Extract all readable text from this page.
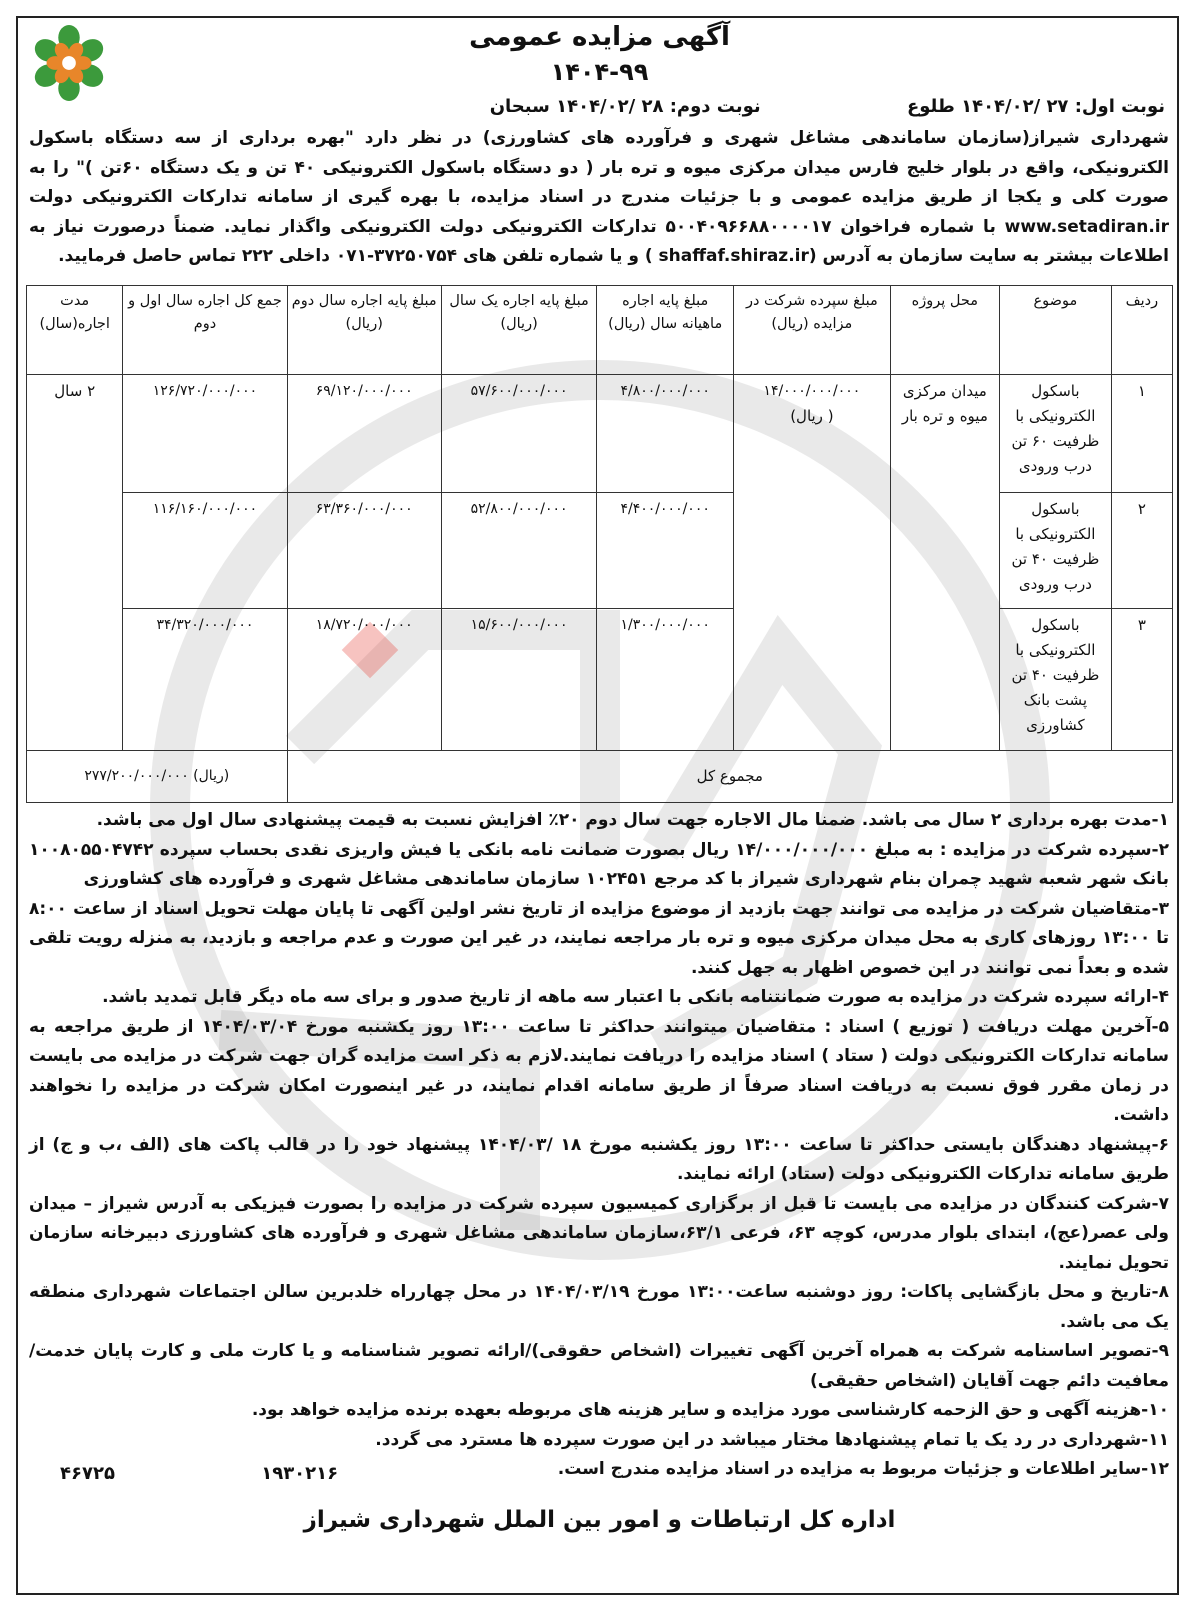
آگهی مزایده عمومی
۱۴۰۴-۹۹
نوبت اول: ۲۷ /۱۴۰۴/۰۲ طلوع نوبت دوم: ۲۸ /۱۴۰۴/۰۲ سبحان

شهرداری شیراز(سازمان ساماندهی مشاغل شهری و فرآورده های کشاورزی) در نظر دارد "بهره برداری از سه دستگاه باسکول الکترونیکی، واقع در بلوار خلیج فارس میدان مرکزی میوه و تره بار ( دو دستگاه باسکول الکترونیکی ۴۰ تن و یک دستگاه ۶۰تن )" را به صورت کلی و یکجا از طریق مزایده عمومی و با جزئیات مندرج در اسناد مزایده، با بهره گیری از سامانه تدارکات الکترونیکی دولت www.setadiran.ir با شماره فراخوان ۵۰۰۴۰۹۶۶۸۸۰۰۰۰۱۷ تدارکات الکترونیکی دولت الکترونیکی واگذار نماید. ضمناً درصورت نیاز به اطلاعات بیشتر به سایت سازمان به آدرس (shaffaf.shiraz.ir ) و یا شماره تلفن های ۳۷۲۵۰۷۵۴-۰۷۱ داخلی ۲۲۲ تماس حاصل فرمایید.

ردیف	موضوع	محل پروژه	مبلغ سپرده شرکت در مزایده (ریال)	مبلغ پایه اجاره ماهیانه سال (ریال)	مبلغ پایه اجاره یک سال (ریال)	مبلغ پایه اجاره سال دوم (ریال)	جمع کل اجاره سال اول و دوم	مدت اجاره(سال)
۱	باسکول الکترونیکی با ظرفیت ۶۰ تن درب ورودی	میدان مرکزی میوه و تره بار	۱۴/۰۰۰/۰۰۰/۰۰۰
( ریال)	۴/۸۰۰/۰۰۰/۰۰۰	۵۷/۶۰۰/۰۰۰/۰۰۰	۶۹/۱۲۰/۰۰۰/۰۰۰	۱۲۶/۷۲۰/۰۰۰/۰۰۰	۲ سال
۲	باسکول الکترونیکی با ظرفیت ۴۰ تن درب ورودی			۴/۴۰۰/۰۰۰/۰۰۰	۵۲/۸۰۰/۰۰۰/۰۰۰	۶۳/۳۶۰/۰۰۰/۰۰۰	۱۱۶/۱۶۰/۰۰۰/۰۰۰	
۳	باسکول الکترونیکی با ظرفیت ۴۰ تن پشت بانک کشاورزی			۱/۳۰۰/۰۰۰/۰۰۰	۱۵/۶۰۰/۰۰۰/۰۰۰	۱۸/۷۲۰/۰۰۰/۰۰۰	۳۴/۳۲۰/۰۰۰/۰۰۰	
مجموع کل							۲۷۷/۲۰۰/۰۰۰/۰۰۰ (ریال)	

۱-مدت بهره برداری ۲ سال می باشد. ضمنا مال الاجاره جهت سال دوم ۲۰٪ افزایش نسبت به قیمت پیشنهادی سال اول می باشد.

۲-سپرده شرکت در مزایده : به مبلغ ۱۴/۰۰۰/۰۰۰/۰۰۰ ریال بصورت ضمانت نامه بانکی یا فیش واریزی نقدی بحساب سپرده ۱۰۰۸۰۵۵۰۴۷۴۲ بانک شهر شعبه شهید چمران بنام شهرداری شیراز با کد مرجع ۱۰۲۴۵۱ سازمان ساماندهی مشاغل شهری و فرآورده های کشاورزی

۳-متقاضیان شرکت در مزایده می توانند جهت بازدید از موضوع مزایده از تاریخ نشر اولین آگهی تا پایان مهلت تحویل اسناد از ساعت ۸:۰۰ تا ۱۳:۰۰ روزهای کاری به محل میدان مرکزی میوه و تره بار مراجعه نمایند، در غیر این صورت و عدم مراجعه و بازدید، به منزله رویت تلقی شده و بعداً نمی توانند در این خصوص اظهار به جهل کنند.

۴-ارائه سپرده شرکت در مزایده به صورت ضمانتنامه بانکی با اعتبار سه ماهه از تاریخ صدور و برای سه ماه دیگر قابل تمدید باشد.

۵-آخرین مهلت دریافت ( توزیع ) اسناد : متقاضیان میتوانند حداکثر تا ساعت ۱۳:۰۰ روز یکشنبه مورخ ۱۴۰۴/۰۳/۰۴ از طریق مراجعه به سامانه تدارکات الکترونیکی دولت ( ستاد ) اسناد مزایده را دریافت نمایند.لازم به ذکر است مزایده گران جهت شرکت در مزایده می بایست در زمان مقرر فوق نسبت به دریافت اسناد صرفاً از طریق سامانه اقدام نمایند، در غیر اینصورت امکان شرکت در مزایده را نخواهند داشت.

۶-پیشنهاد دهندگان بایستی حداکثر تا ساعت ۱۳:۰۰ روز یکشنبه مورخ ۱۸ /۱۴۰۴/۰۳ پیشنهاد خود را در قالب پاکت های (الف ،ب و ج) از طریق سامانه تدارکات الکترونیکی دولت (ستاد) ارائه نمایند.

۷-شرکت کنندگان در مزایده می بایست تا قبل از برگزاری کمیسیون سپرده شرکت در مزایده را بصورت فیزیکی به آدرس شیراز – میدان ولی عصر(عج)، ابتدای بلوار مدرس، کوچه ۶۳، فرعی ۶۳/۱،سازمان ساماندهی مشاغل شهری و فرآورده های کشاورزی دبیرخانه سازمان تحویل نمایند.

۸-تاریخ و محل بازگشایی پاکات: روز دوشنبه ساعت۱۳:۰۰ مورخ ۱۴۰۴/۰۳/۱۹ در محل چهارراه خلدبرین سالن اجتماعات شهرداری منطقه یک می باشد.

۹-تصویر اساسنامه شرکت به همراه آخرین آگهی تغییرات (اشخاص حقوقی)/ارائه تصویر شناسنامه و یا کارت ملی و کارت پایان خدمت/ معافیت دائم جهت آقایان (اشخاص حقیقی)

۱۰-هزینه آگهی و حق الزحمه کارشناسی مورد مزایده و سایر هزینه های مربوطه بعهده برنده مزایده خواهد بود.

۱۱-شهرداری در رد یک یا تمام پیشنهادها مختار میباشد در این صورت سپرده ها مسترد می گردد.

۱۲-سایر اطلاعات و جزئیات مربوط به مزایده در اسناد مزایده مندرج است.

۴۶۷۲۵	۱۹۳۰۲۱۶
اداره کل ارتباطات و امور بین الملل شهرداری شیراز
